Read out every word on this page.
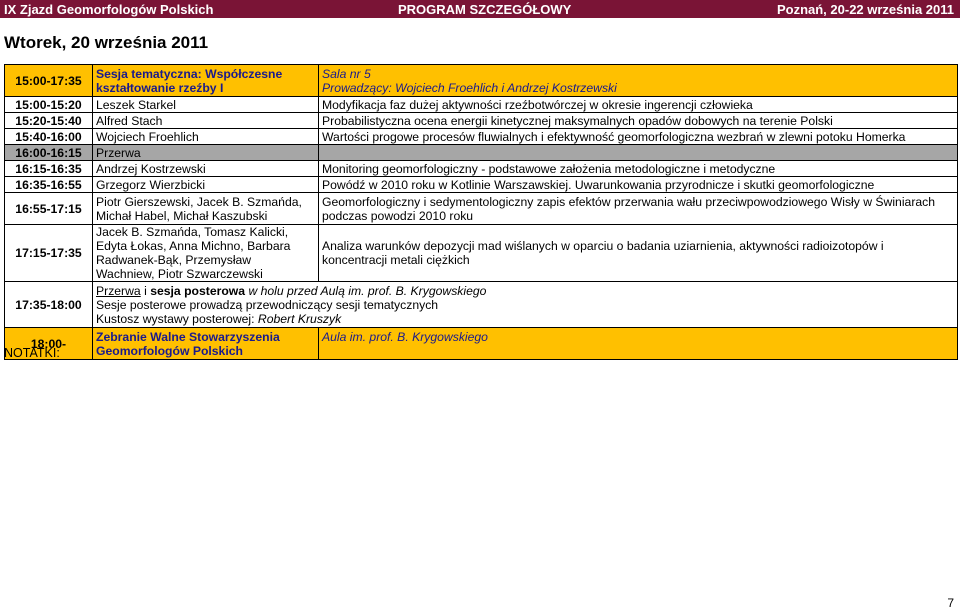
IX Zjazd Geomorfologów Polskich	PROGRAM SZCZEGÓŁOWY	Poznań, 20-22 września 2011
Wtorek, 20 września 2011
15:00-17:35	Sesja tematyczna: Współczesne
kształtowanie rzeźby I	Sala nr 5
Prowadzący: Wojciech Froehlich i Andrzej Kostrzewski

15:00-15:20	Leszek Starkel	Modyfikacja faz dużej aktywności rzeźbotwórczej w okresie ingerencji człowieka
15:20-15:40	Alfred Stach	Probabilistyczna ocena energii kinetycznej maksymalnych opadów dobowych na terenie Polski
15:40-16:00	Wojciech Froehlich	Wartości progowe procesów fluwialnych i efektywność geomorfologiczna wezbrań w zlewni potoku Homerka
16:00-16:15	Przerwa	
16:15-16:35	Andrzej Kostrzewski	Monitoring geomorfologiczny - podstawowe założenia metodologiczne i metodyczne
16:35-16:55	Grzegorz Wierzbicki	Powódź w 2010 roku w Kotlinie Warszawskiej. Uwarunkowania przyrodnicze i skutki geomorfologiczne
16:55-17:15	Piotr Gierszewski, Jacek B. Szmańda,
Michał Habel, Michał Kaszubski	Geomorfologiczny i sedymentologiczny zapis efektów przerwania wału przeciwpowodziowego Wisły w Świniarach
podczas powodzi 2010 roku

17:15-17:35	Jacek B. Szmańda, Tomasz Kalicki,
Edyta Łokas, Anna Michno, Barbara
Radwanek-Bąk, Przemysław
Wachniew, Piotr Szwarczewski	Analiza warunków depozycji mad wiślanych w oparciu o badania uziarnienia, aktywności radioizotopów i
koncentracji metali ciężkich

17:35-18:00	Przerwa i sesja posterowa w holu przed Aulą im. prof. B. Krygowskiego
Sesje posterowe prowadzą przewodniczący sesji tematycznych
Kustosz wystawy posterowej: Robert Kruszyk	

18:00-	Zebranie Walne Stowarzyszenia
Geomorfologów Polskich	Aula im. prof. B. Krygowskiego
NOTATKI:
7
